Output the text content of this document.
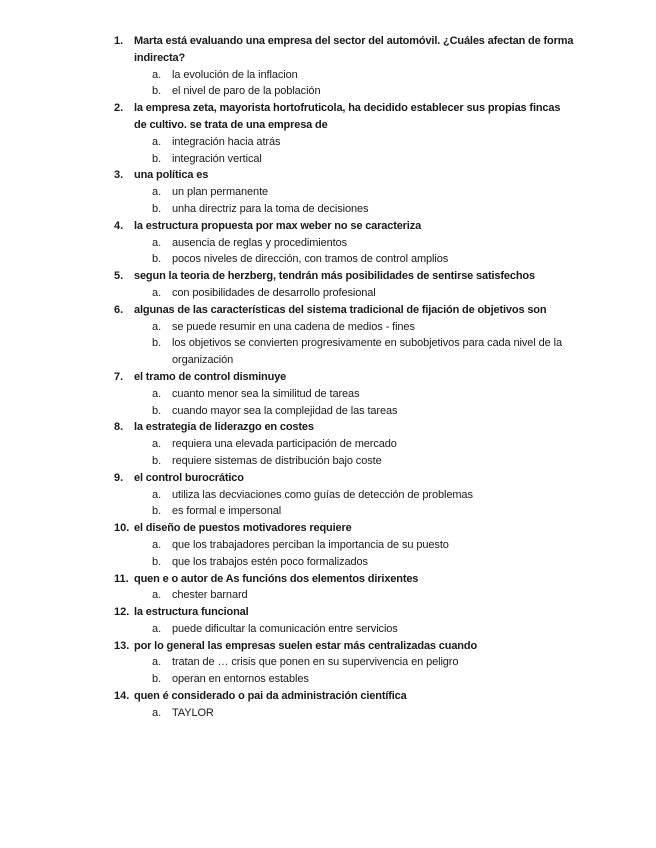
1. Marta está evaluando una empresa del sector del automóvil. ¿Cuáles afectan de forma indirecta?
a. la evolución de la inflacion
b. el nivel de paro de la población
2. la empresa zeta, mayorista hortofruticola, ha decidido establecer sus propias fincas de cultivo. se trata de una empresa de
a. integración hacia atrás
b. integración vertical
3. una política es
a. un plan permanente
b. unha directriz para la toma de decisiones
4. la estructura propuesta por max weber no se caracteriza
a. ausencia de reglas y procedimientos
b. pocos niveles de dirección, con tramos de control amplios
5. segun la teoria de herzberg, tendrán más posibilidades de sentirse satisfechos
a. con posibilidades de desarrollo profesional
6. algunas de las características del sistema tradicional de fijación de objetivos son
a. se puede resumir en una cadena de medios - fines
b. los objetivos se convierten progresivamente en subobjetivos para cada nivel de la organización
7. el tramo de control disminuye
a. cuanto menor sea la similitud de tareas
b. cuando mayor sea la complejidad de las tareas
8. la estrategia de liderazgo en costes
a. requiera una elevada participación de mercado
b. requiere sistemas de distribución bajo coste
9. el control burocrático
a. utiliza las decviaciones como guías de detección de problemas
b. es formal e impersonal
10. el diseño de puestos motivadores requiere
a. que los trabajadores perciban la importancia de su puesto
b. que los trabajos estén poco formalizados
11. quen e o autor de As funcións dos elementos dirixentes
a. chester barnard
12. la estructura funcional
a. puede dificultar la comunicación entre servicios
13. por lo general las empresas suelen estar más centralizadas cuando
a. tratan de … crisis que ponen en su supervivencia en peligro
b. operan en entornos estables
14. quen é considerado o pai da administración científica
a. TAYLOR
